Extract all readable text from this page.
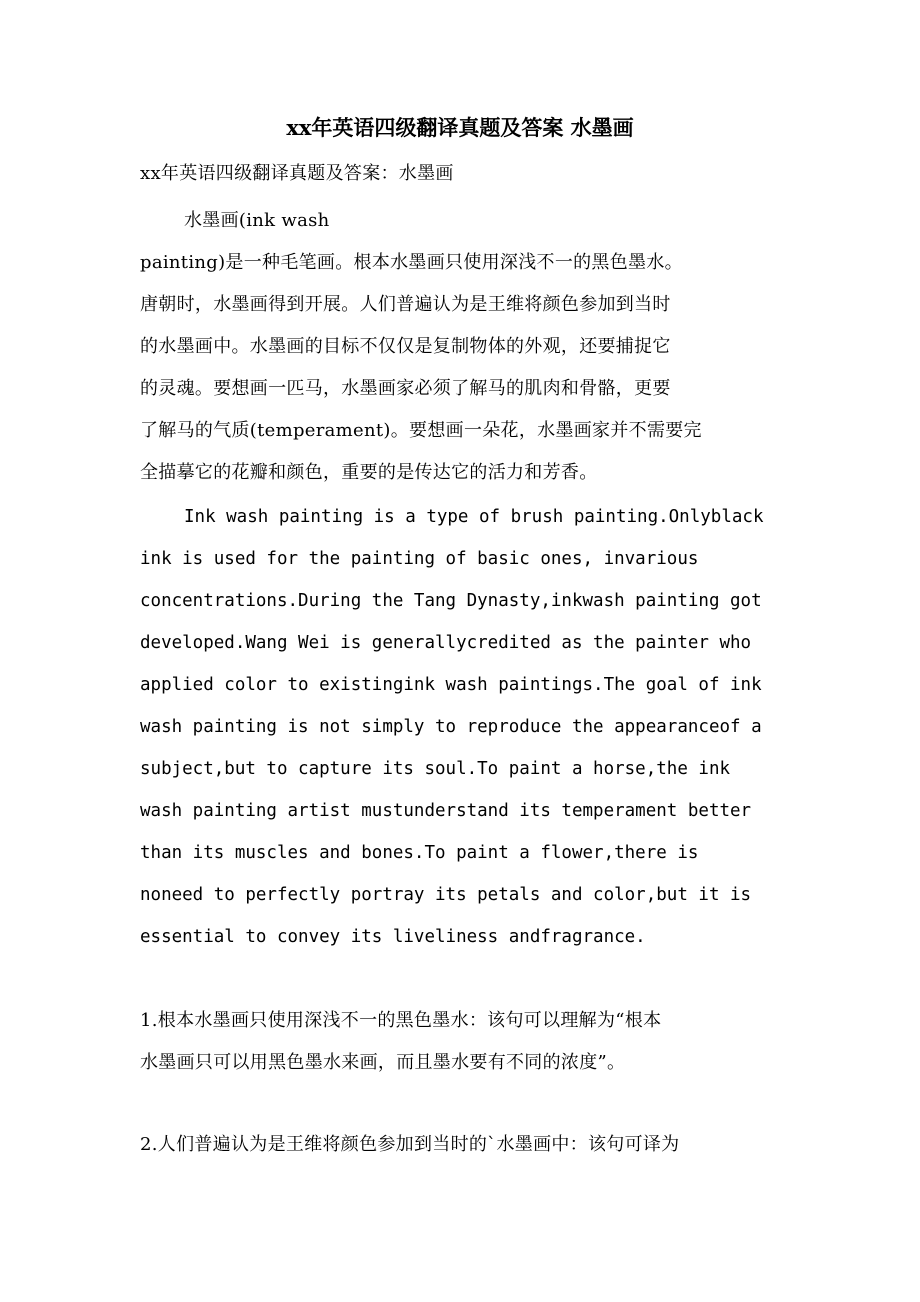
xx年英语四级翻译真题及答案 水墨画
xx年英语四级翻译真题及答案：水墨画
水墨画(ink wash
painting)是一种毛笔画。根本水墨画只使用深浅不一的黑色墨水。
唐朝时，水墨画得到开展。人们普遍认为是王维将颜色参加到当时
的水墨画中。水墨画的目标不仅仅是复制物体的外观，还要捕捉它
的灵魂。要想画一匹马，水墨画家必须了解马的肌肉和骨骼，更要
了解马的气质(temperament)。要想画一朵花，水墨画家并不需要完
全描摹它的花瓣和颜色，重要的是传达它的活力和芳香。
Ink wash painting is a type of brush painting.Onlyblack
ink is used for the painting of basic ones, invarious
concentrations.During the Tang Dynasty,inkwash painting got
developed.Wang Wei is generallycredited as the painter who
applied color to existingink wash paintings.The goal of ink
wash painting is not simply to reproduce the appearanceof a
subject,but to capture its soul.To paint a horse,the ink
wash painting artist mustunderstand its temperament better
than its muscles and bones.To paint a flower,there is
noneed to perfectly portray its petals and color,but it is
essential to convey its liveliness andfragrance.
1.根本水墨画只使用深浅不一的黑色墨水：该句可以理解为“根本
水墨画只可以用黑色墨水来画，而且墨水要有不同的浓度”。
2.人们普遍认为是王维将颜色参加到当时的`水墨画中：该句可译为
